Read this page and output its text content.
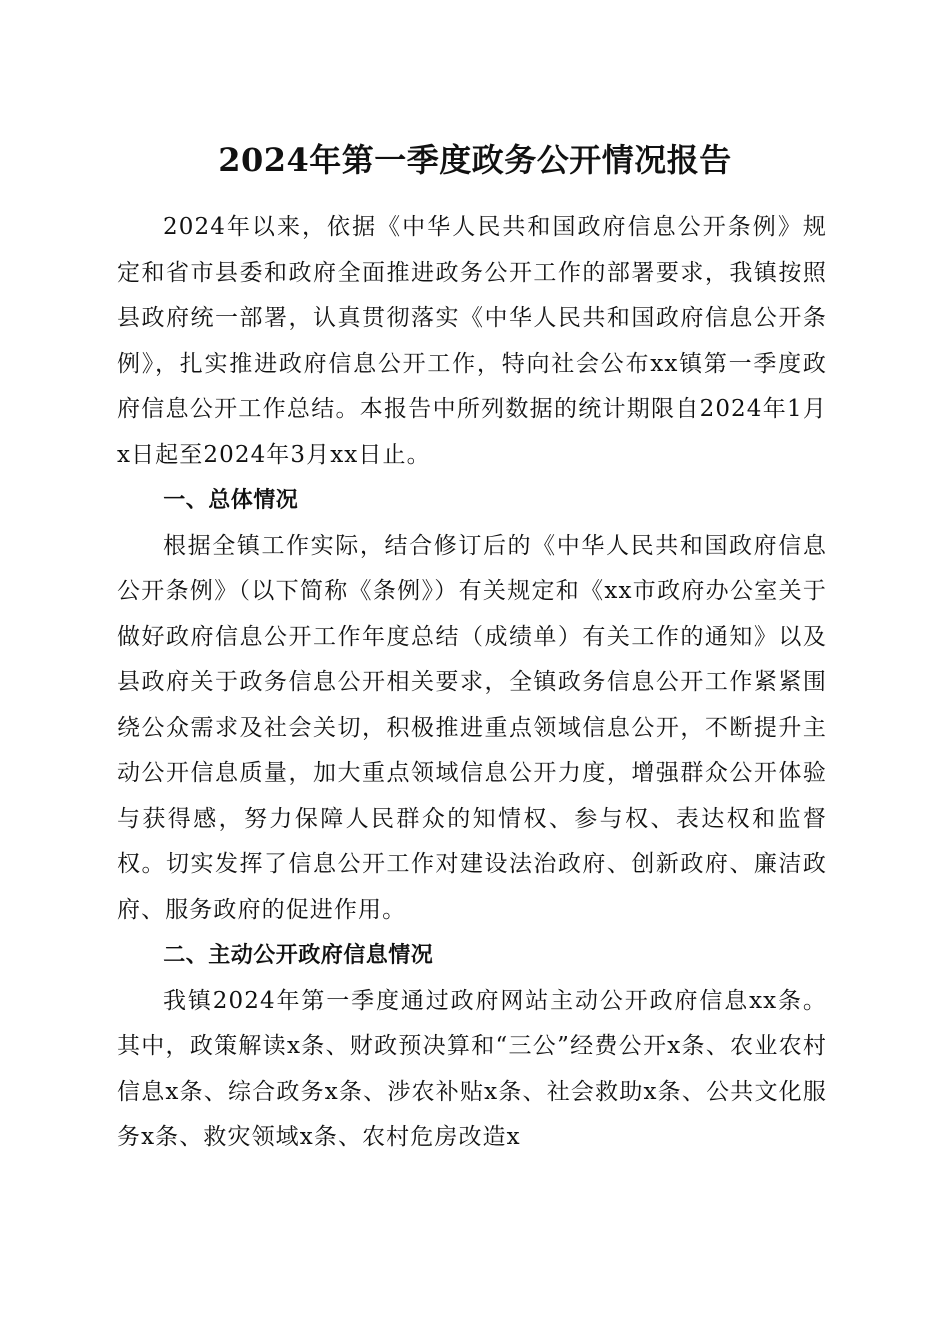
2024年第一季度政务公开情况报告

2024年以来，依据《中华人民共和国政府信息公开条例》规定和省市县委和政府全面推进政务公开工作的部署要求，我镇按照县政府统一部署，认真贯彻落实《中华人民共和国政府信息公开条例》，扎实推进政府信息公开工作，特向社会公布xx镇第一季度政府信息公开工作总结。本报告中所列数据的统计期限自2024年1月x日起至2024年3月xx日止。

一、总体情况

根据全镇工作实际，结合修订后的《中华人民共和国政府信息公开条例》（以下简称《条例》）有关规定和《xx市政府办公室关于做好政府信息公开工作年度总结（成绩单）有关工作的通知》以及县政府关于政务信息公开相关要求，全镇政务信息公开工作紧紧围绕公众需求及社会关切，积极推进重点领域信息公开，不断提升主动公开信息质量，加大重点领域信息公开力度，增强群众公开体验与获得感，努力保障人民群众的知情权、参与权、表达权和监督权。切实发挥了信息公开工作对建设法治政府、创新政府、廉洁政府、服务政府的促进作用。

二、主动公开政府信息情况

我镇2024年第一季度通过政府网站主动公开政府信息xx条。其中，政策解读x条、财政预决算和“三公”经费公开x条、农业农村信息x条、综合政务x条、涉农补贴x条、社会救助x条、公共文化服务x条、救灾领域x条、农村危房改造x
